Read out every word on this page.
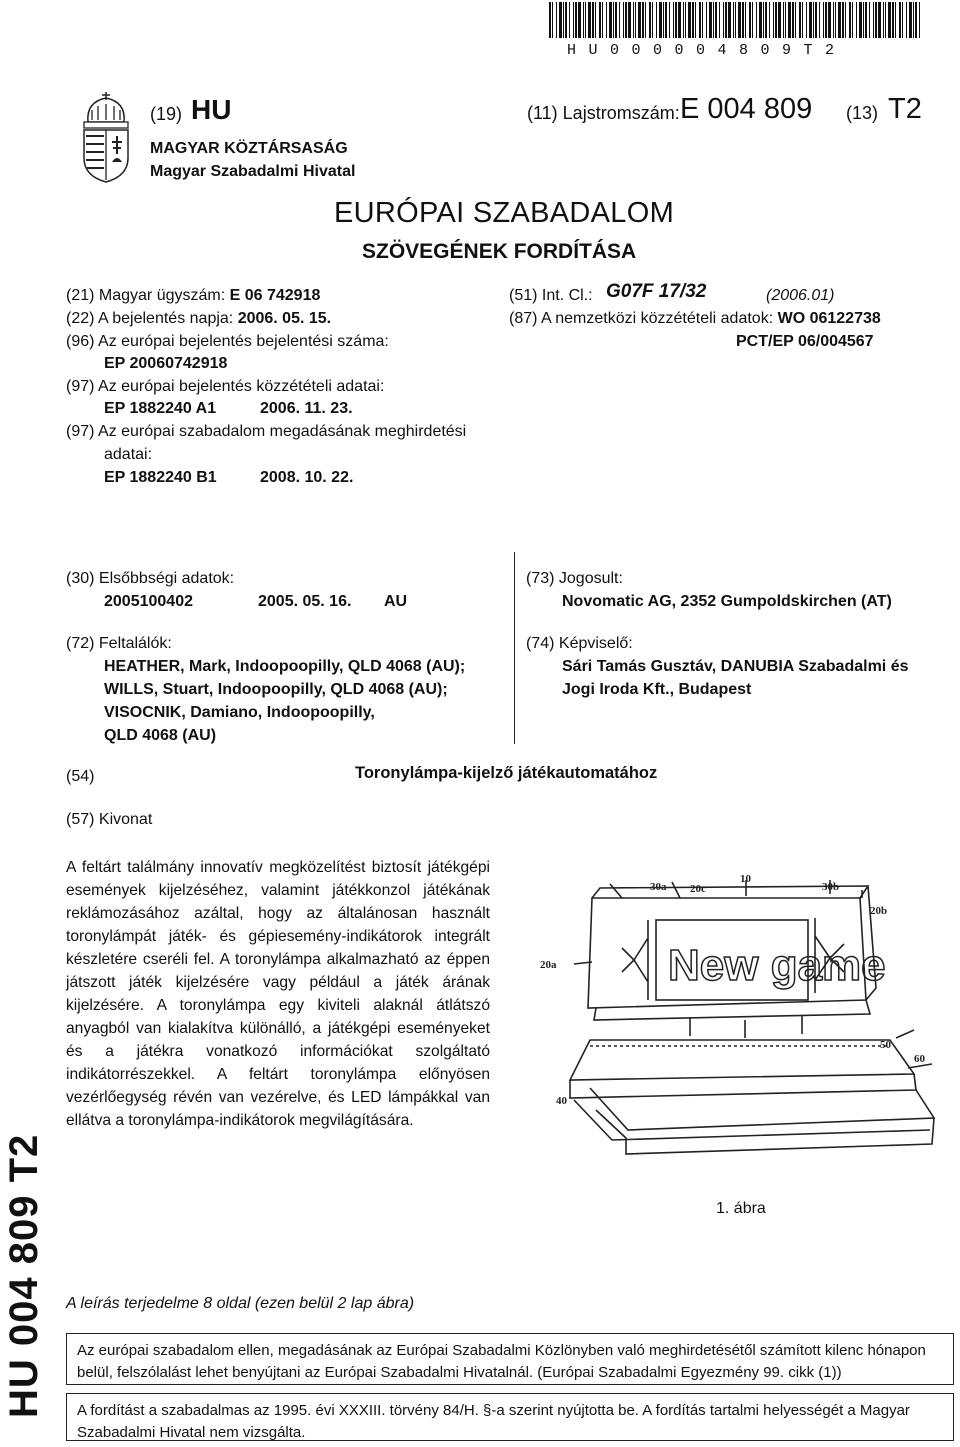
HU000004809T2
(19) HU	(11) Lajstromszám: E 004 809 (13) T2
MAGYAR KÖZTÁRSASÁG
Magyar Szabadalmi Hivatal
EURÓPAI SZABADALOM
SZÖVEGÉNEK FORDÍTÁSA
(21) Magyar ügyszám: E 06 742918
(22) A bejelentés napja: 2006. 05. 15.
(96) Az európai bejelentés bejelentési száma:
EP 20060742918
(97) Az európai bejelentés közzétételi adatai:
EP 1882240 A1	2006. 11. 23.
(97) Az európai szabadalom megadásának meghirdetési
adatai:
EP 1882240 B1	2008. 10. 22.
(51) Int. Cl.: G07F 17/32	(2006.01)
(87) A nemzetközi közzétételi adatok: WO 06122738
PCT/EP 06/004567
(30) Elsőbbségi adatok:
2005100402	2005. 05. 16. AU
(72) Feltalálók:
HEATHER, Mark, Indoopoopilly, QLD 4068 (AU);
WILLS, Stuart, Indoopoopilly, QLD 4068 (AU);
VISOCNIK, Damiano, Indoopoopilly,
QLD 4068 (AU)
(73) Jogosult:
Novomatic AG, 2352 Gumpoldskirchen (AT)
(74) Képviselő:
Sári Tamás Gusztáv, DANUBIA Szabadalmi és
Jogi Iroda Kft., Budapest
(54)	Toronylámpa-kijelző játékautomatához
(57) Kivonat
A feltárt találmány innovatív megközelítést biztosít játékgépi események kijelzéséhez, valamint játékkonzol játékának reklámozásához azáltal, hogy az általánosan használt toronylámpát játék- és gépiesemény-indikátorok integrált készletére cseréli fel. A toronylámpa alkalmazható az éppen játszott játék kijelzésére vagy például a játék árának kijelzésére. A toronylámpa egy kiviteli alaknál átlátszó anyagból van kialakítva különálló, a játékgépi eseményeket és a játékra vonatkozó információkat szolgáltató indikátorrészekkel. A feltárt toronylámpa előnyösen vezérlőegység révén van vezérelve, és LED lámpákkal van ellátva a toronylámpa-indikátorok megvilágítására.
New game
30a 20c
10
30b
20b
20a
50
60
40
1. ábra
A leírás terjedelme 8 oldal (ezen belül 2 lap ábra)
Az európai szabadalom ellen, megadásának az Európai Szabadalmi Közlönyben való meghirdetésétől számított kilenc hónapon belül, felszólalást lehet benyújtani az Európai Szabadalmi Hivatalnál. (Európai Szabadalmi Egyezmény 99. cikk (1))
A fordítást a szabadalmas az 1995. évi XXXIII. törvény 84/H. §-a szerint nyújtotta be. A fordítás tartalmi helyességét a Magyar Szabadalmi Hivatal nem vizsgálta.
HU 004 809 T2
